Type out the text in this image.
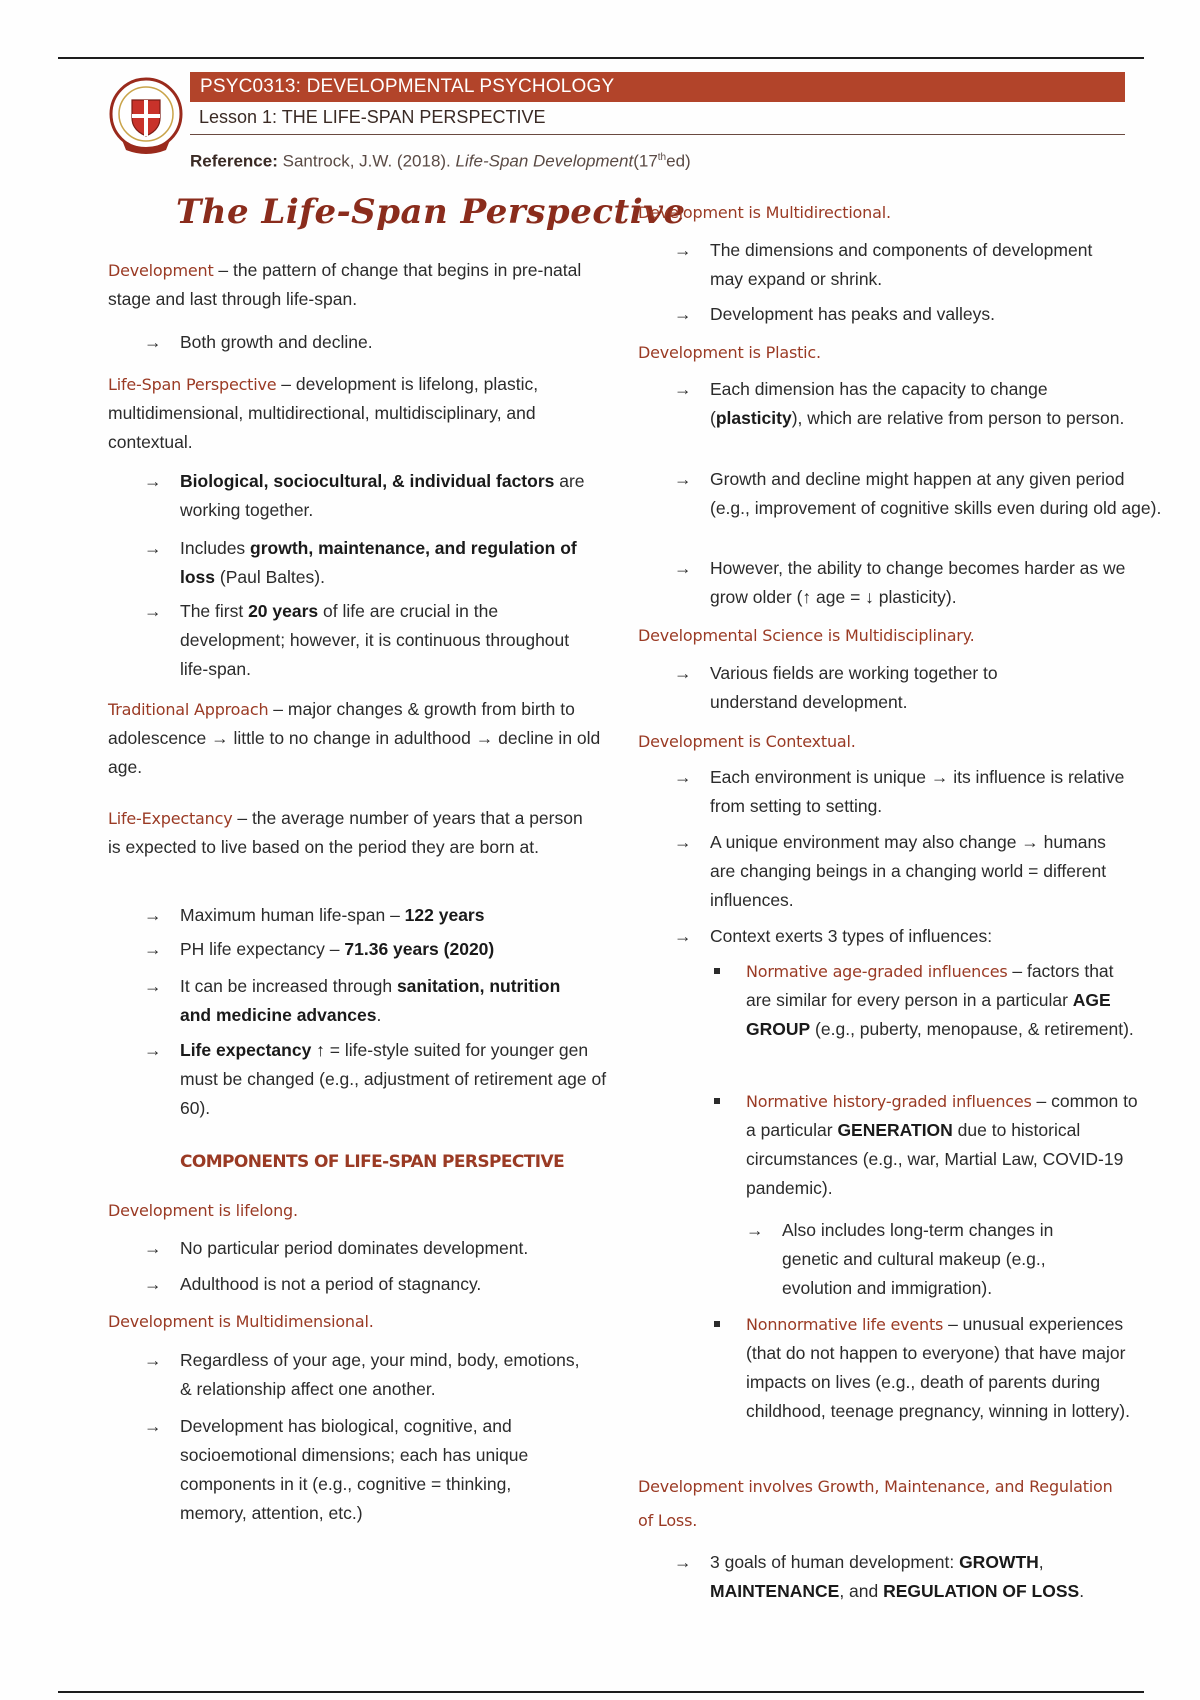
PSYC0313: DEVELOPMENTAL PSYCHOLOGY
Lesson 1: THE LIFE-SPAN PERSPECTIVE
Reference: Santrock, J.W. (2018). Life-Span Development(17thed)
The Life-Span Perspective
Development – the pattern of change that begins in pre-natal stage and last through life-span.
→ Both growth and decline.
Life-Span Perspective – development is lifelong, plastic, multidimensional, multidirectional, multidisciplinary, and contextual.
→ Biological, sociocultural, & individual factors are working together.
→ Includes growth, maintenance, and regulation of loss (Paul Baltes).
→ The first 20 years of life are crucial in the development; however, it is continuous throughout life-span.
Traditional Approach – major changes & growth from birth to adolescence → little to no change in adulthood → decline in old age.
Life-Expectancy – the average number of years that a person is expected to live based on the period they are born at.
→ Maximum human life-span – 122 years
→ PH life expectancy – 71.36 years (2020)
→ It can be increased through sanitation, nutrition and medicine advances.
→ Life expectancy ↑ = life-style suited for younger gen must be changed (e.g., adjustment of retirement age of 60).
Development is lifelong.
→ No particular period dominates development.
→ Adulthood is not a period of stagnancy.
Development is Multidimensional.
→ Regardless of your age, your mind, body, emotions, & relationship affect one another.
→ Development has biological, cognitive, and socioemotional dimensions; each has unique components in it (e.g., cognitive = thinking, memory, attention, etc.)
COMPONENTS OF LIFE-SPAN PERSPECTIVE
Development is Multidirectional.
→ The dimensions and components of development may expand or shrink.
→ Development has peaks and valleys.
Development is Plastic.
→ Each dimension has the capacity to change (plasticity), which are relative from person to person.
→ Growth and decline might happen at any given period (e.g., improvement of cognitive skills even during old age).
→ However, the ability to change becomes harder as we grow older (↑ age = ↓ plasticity).
Developmental Science is Multidisciplinary.
→ Various fields are working together to understand development.
Development is Contextual.
→ Each environment is unique → its influence is relative from setting to setting.
→ A unique environment may also change → humans are changing beings in a changing world = different influences.
→ Context exerts 3 types of influences:
Normative age-graded influences – factors that are similar for every person in a particular AGE GROUP (e.g., puberty, menopause, & retirement).
Normative history-graded influences – common to a particular GENERATION due to historical circumstances (e.g., war, Martial Law, COVID-19 pandemic).
→ Also includes long-term changes in genetic and cultural makeup (e.g., evolution and immigration).
Nonnormative life events – unusual experiences (that do not happen to everyone) that have major impacts on lives (e.g., death of parents during childhood, teenage pregnancy, winning in lottery).
Development involves Growth, Maintenance, and Regulation of Loss.
→ 3 goals of human development: GROWTH, MAINTENANCE, and REGULATION OF LOSS.
